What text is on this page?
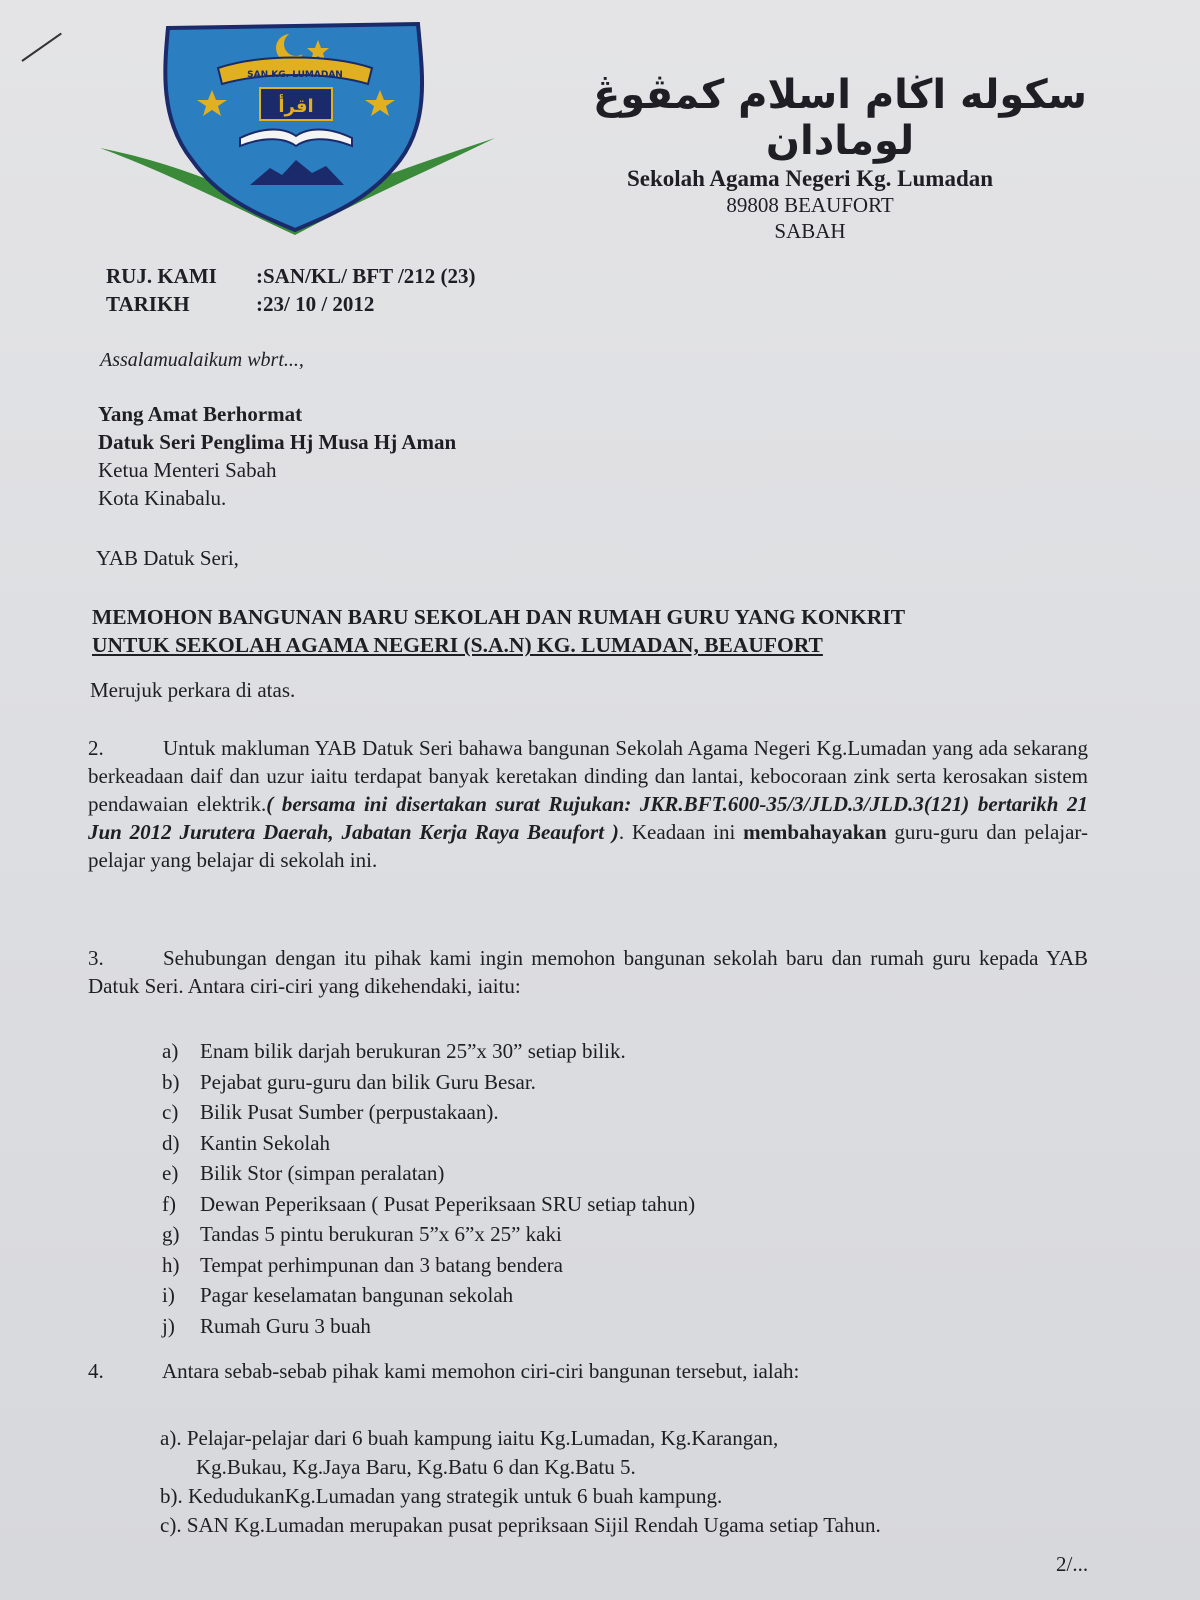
SAN KG. LUMADAN
اقرأ	سكوله اڬام اسلام كمڤوڠ لومادان
Sekolah Agama Negeri Kg. Lumadan
89808 BEAUFORT
SABAH
RUJ. KAMI :SAN/KL/ BFT /212 (23)
TARIKH	:23/ 10 / 2012
Assalamualaikum wbrt...,
Yang Amat Berhormat
Datuk Seri Penglima Hj Musa Hj Aman
Ketua Menteri Sabah
Kota Kinabalu.
YAB Datuk Seri,
MEMOHON BANGUNAN BARU SEKOLAH DAN RUMAH GURU YANG KONKRIT
UNTUK SEKOLAH AGAMA NEGERI (S.A.N) KG. LUMADAN, BEAUFORT
Merujuk perkara di atas.
2.	Untuk makluman YAB Datuk Seri bahawa bangunan Sekolah Agama Negeri Kg.Lumadan yang ada sekarang berkeadaan daif dan uzur iaitu terdapat banyak keretakan dinding dan lantai, kebocoraan zink serta kerosakan sistem pendawaian elektrik.( bersama ini disertakan surat Rujukan: JKR.BFT.600-35/3/JLD.3/JLD.3(121) bertarikh 21 Jun 2012 Jurutera Daerah, Jabatan Kerja Raya Beaufort ). Keadaan ini membahayakan guru-guru dan pelajar-pelajar yang belajar di sekolah ini.
3.	Sehubungan dengan itu pihak kami ingin memohon bangunan sekolah baru dan rumah guru kepada YAB Datuk Seri. Antara ciri-ciri yang dikehendaki, iaitu:
a) Enam bilik darjah berukuran 25”x 30” setiap bilik.
b) Pejabat guru-guru dan bilik Guru Besar.
c) Bilik Pusat Sumber (perpustakaan).
d) Kantin Sekolah
e) Bilik Stor (simpan peralatan)
f) Dewan Peperiksaan ( Pusat Peperiksaan SRU setiap tahun)
g) Tandas 5 pintu berukuran 5”x 6”x 25” kaki
h) Tempat perhimpunan dan 3 batang bendera
i) Pagar keselamatan bangunan sekolah
j) Rumah Guru 3 buah
4.	Antara sebab-sebab pihak kami memohon ciri-ciri bangunan tersebut, ialah:
a). Pelajar-pelajar dari 6 buah kampung iaitu Kg.Lumadan, Kg.Karangan,
Kg.Bukau, Kg.Jaya Baru, Kg.Batu 6 dan Kg.Batu 5.
b). KedudukanKg.Lumadan yang strategik untuk 6 buah kampung.
c). SAN Kg.Lumadan merupakan pusat pepriksaan Sijil Rendah Ugama setiap Tahun.
2/...
